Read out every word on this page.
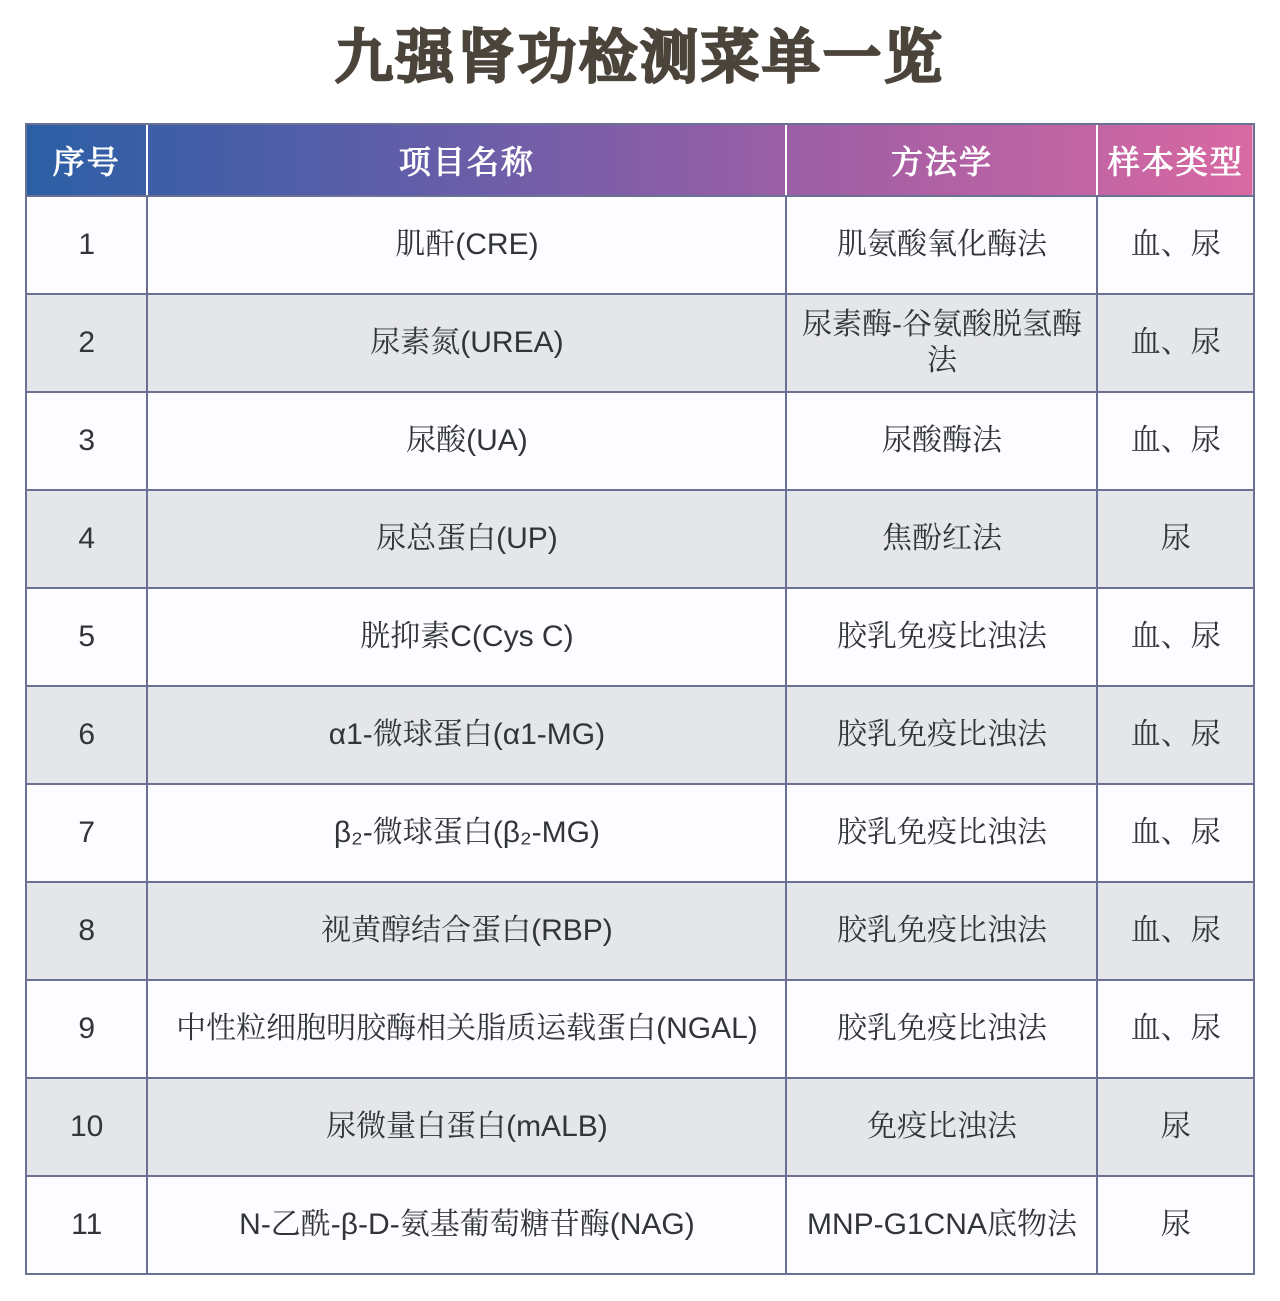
九强肾功检测菜单一览
序号	项目名称	方法学	样本类型
1	肌酐(CRE)	肌氨酸氧化酶法	血、尿
2	尿素氮(UREA)	尿素酶-谷氨酸脱氢酶法	血、尿
3	尿酸(UA)	尿酸酶法	血、尿
4	尿总蛋白(UP)	焦酚红法	尿
5	胱抑素C(Cys C)	胶乳免疫比浊法	血、尿
6	α1-微球蛋白(α1-MG)	胶乳免疫比浊法	血、尿
7	β₂-微球蛋白(β₂-MG)	胶乳免疫比浊法	血、尿
8	视黄醇结合蛋白(RBP)	胶乳免疫比浊法	血、尿
9	中性粒细胞明胶酶相关脂质运载蛋白(NGAL)	胶乳免疫比浊法	血、尿
10	尿微量白蛋白(mALB)	免疫比浊法	尿
11	N-乙酰-β-D-氨基葡萄糖苷酶(NAG)	MNP-G1CNA底物法	尿
